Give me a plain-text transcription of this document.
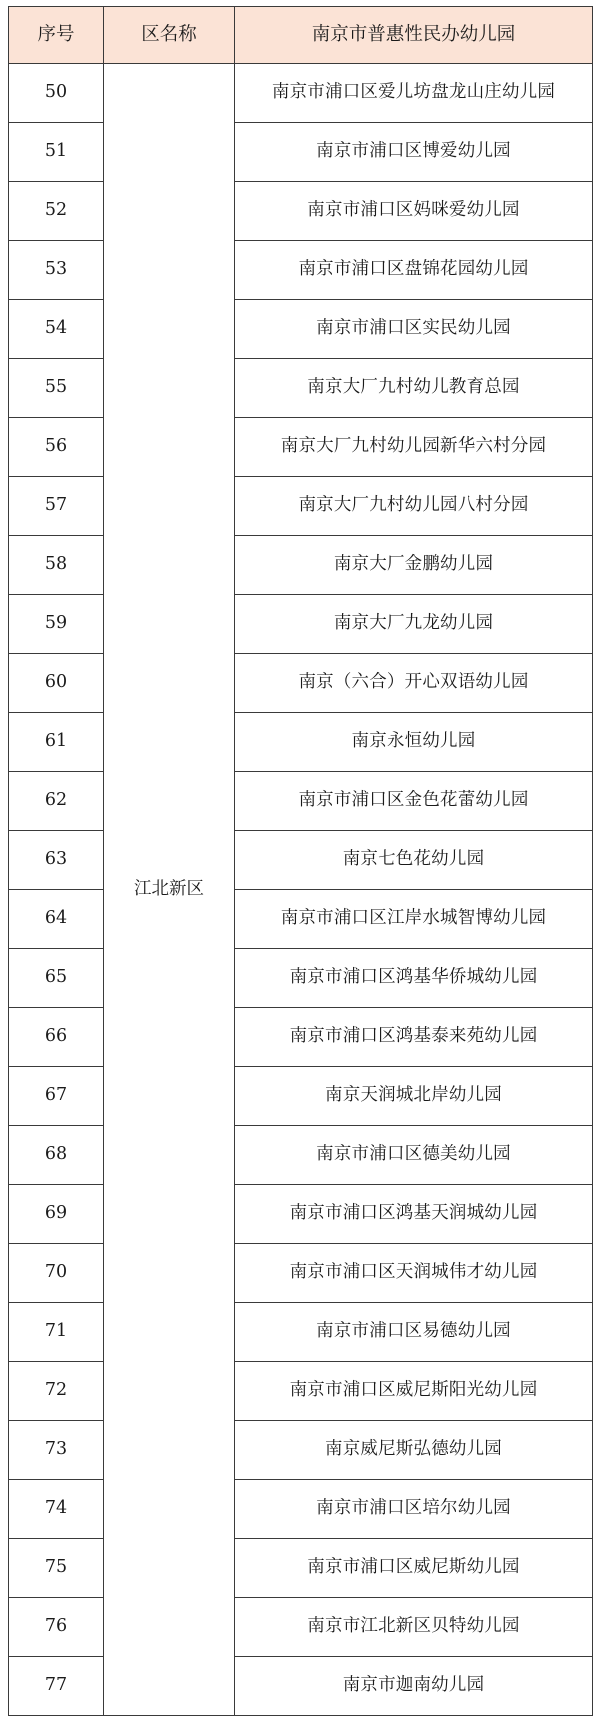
序号	区名称	南京市普惠性民办幼儿园
50	江北新区	南京市浦口区爱儿坊盘龙山庄幼儿园
51		南京市浦口区博爱幼儿园
52		南京市浦口区妈咪爱幼儿园
53		南京市浦口区盘锦花园幼儿园
54		南京市浦口区实民幼儿园
55		南京大厂九村幼儿教育总园
56		南京大厂九村幼儿园新华六村分园
57		南京大厂九村幼儿园八村分园
58		南京大厂金鹏幼儿园
59		南京大厂九龙幼儿园
60		南京（六合）开心双语幼儿园
61		南京永恒幼儿园
62		南京市浦口区金色花蕾幼儿园
63		南京七色花幼儿园
64		南京市浦口区江岸水城智博幼儿园
65		南京市浦口区鸿基华侨城幼儿园
66		南京市浦口区鸿基泰来苑幼儿园
67		南京天润城北岸幼儿园
68		南京市浦口区德美幼儿园
69		南京市浦口区鸿基天润城幼儿园
70		南京市浦口区天润城伟才幼儿园
71		南京市浦口区易德幼儿园
72		南京市浦口区威尼斯阳光幼儿园
73		南京威尼斯弘德幼儿园
74		南京市浦口区培尔幼儿园
75		南京市浦口区威尼斯幼儿园
76		南京市江北新区贝特幼儿园
77		南京市迦南幼儿园
